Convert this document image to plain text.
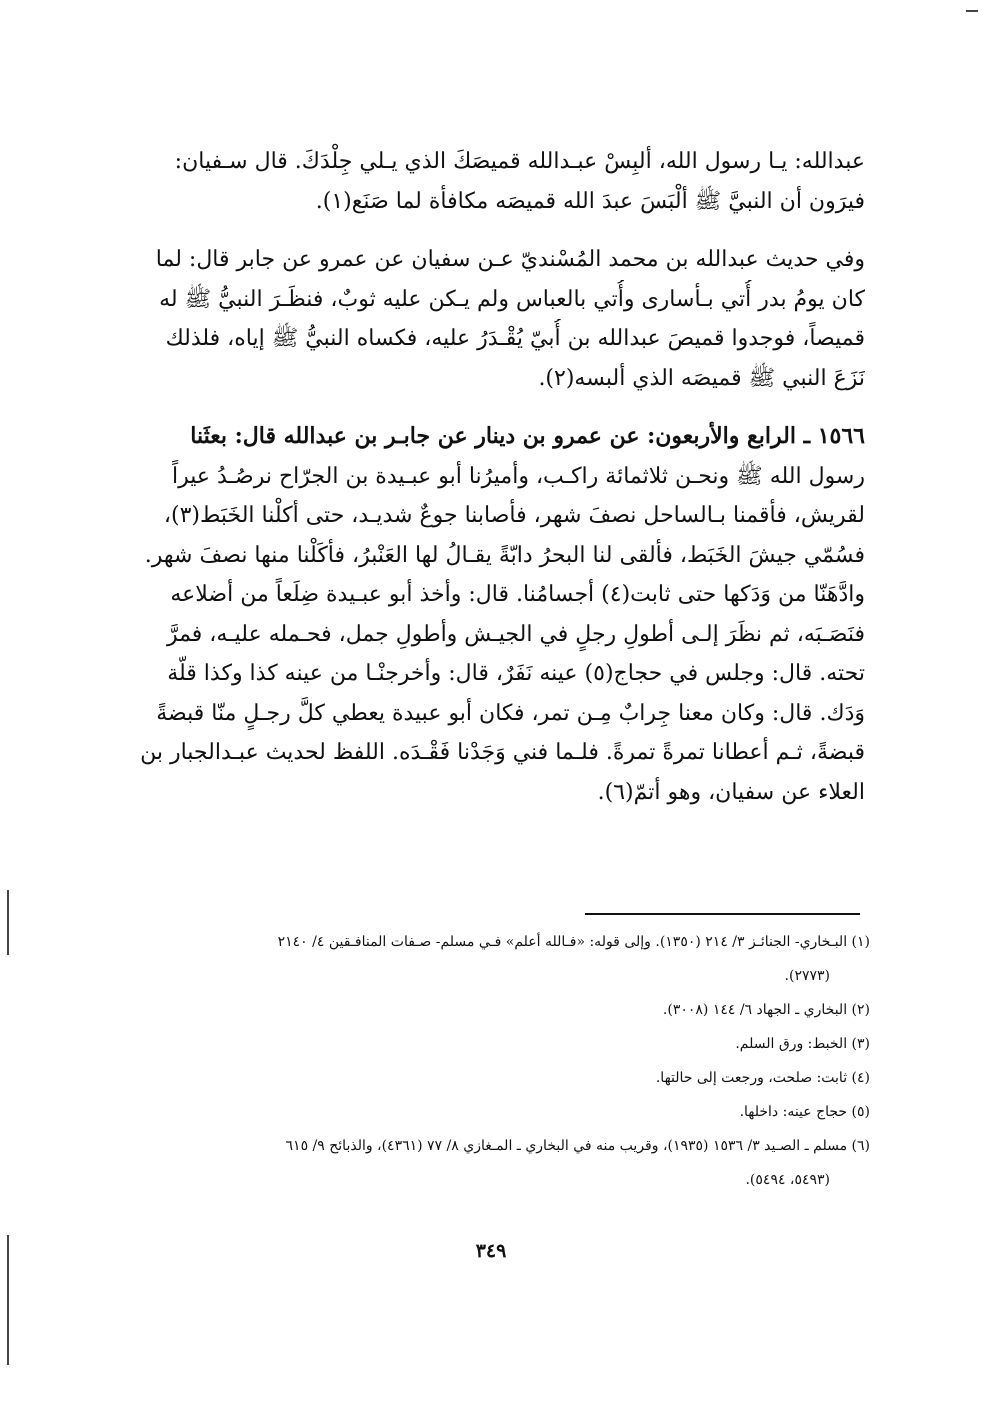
عبدالله: يـا رسول الله، ألبِسْ عبـدالله قميصَكَ الذي يـلي جِلْدَكَ. قال سـفيان:
فيرَون أن النبيَّ ﷺ ألْبَسَ عبدَ الله قميصَه مكافأة لما صَنَع(١).

وفي حديث عبدالله بن محمد المُسْنديّ عـن سفيان عن عمرو عن جابر قال: لما
كان يومُ بدر أُتي بـأسارى وأُتي بالعباس ولم يـكن عليه ثوبٌ، فنظَـرَ النبيُّ ﷺ له
قميصاً، فوجدوا قميصَ عبدالله بن أُبيّ يُقْـدَرُ عليه، فكساه النبيُّ ﷺ إياه، فلذلك
نَزَعَ النبي ﷺ قميصَه الذي ألبسه(٢).

١٥٦٦ ـ الرابع والأربعون: عن عمرو بن دينار عن جابـر بن عبدالله قال: بعثَنا
رسول الله ﷺ ونحـن ثلاثمائة راكـب، وأميرُنا أبو عبـيدة بن الجرّاح نرصُـدُ عيراً
لقريش، فأقمنا بـالساحل نصفَ شهر، فأصابنا جوعٌ شديـد، حتى أكلْنا الخَبَط(٣)،
فسُمّي جيشَ الخَبَط، فألقى لنا البحرُ دابّةً يقـالُ لها العَنْبرُ، فأكَلْنا منها نصفَ شهر.
وادَّهَنّا من وَدَكها حتى ثابت(٤) أجسامُنا. قال: وأخذ أبو عبـيدة ضِلَعاً من أضلاعه
فنَصَـبَه، ثم نظَرَ إلـى أطولِ رجلٍ في الجيـش وأطولِ جمل، فحـمله عليـه، فمرَّ
تحته. قال: وجلس في حجاج(٥) عينه نَفَرٌ، قال: وأخرجنْـا من عينه كذا وكذا قلّة
وَدَك. قال: وكان معنا جِرابٌ مِـن تمر، فكان أبو عبيدة يعطي كلَّ رجـلٍ منّا قبضةً
قبضةً، ثـم أعطانا تمرةً تمرةً. فلـما فني وَجَدْنا فَقْـدَه. اللفظ لحديث عبـدالجبار بن
العلاء عن سفيان، وهو أتمّ(٦).

(١) البـخاري- الجنائـز ٣/ ٢١٤ (١٣٥٠). وإلى قوله: «فـالله أعلم» فـي مسلم- صـفات المنافـقين ٤/ ٢١٤٠
(٢٧٧٣).
(٢) البخاري ـ الجهاد ٦/ ١٤٤ (٣٠٠٨).
(٣) الخبط: ورق السلم.
(٤) ثابت: صلحت، ورجعت إلى حالتها.
(٥) حجاج عينه: داخلها.
(٦) مسلم ـ الصـيد ٣/ ١٥٣٦ (١٩٣٥)، وقريب منه في البخاري ـ المـغازي ٨/ ٧٧ (٤٣٦١)، والذبائح ٩/ ٦١٥
(٥٤٩٣، ٥٤٩٤).
٣٤٩
